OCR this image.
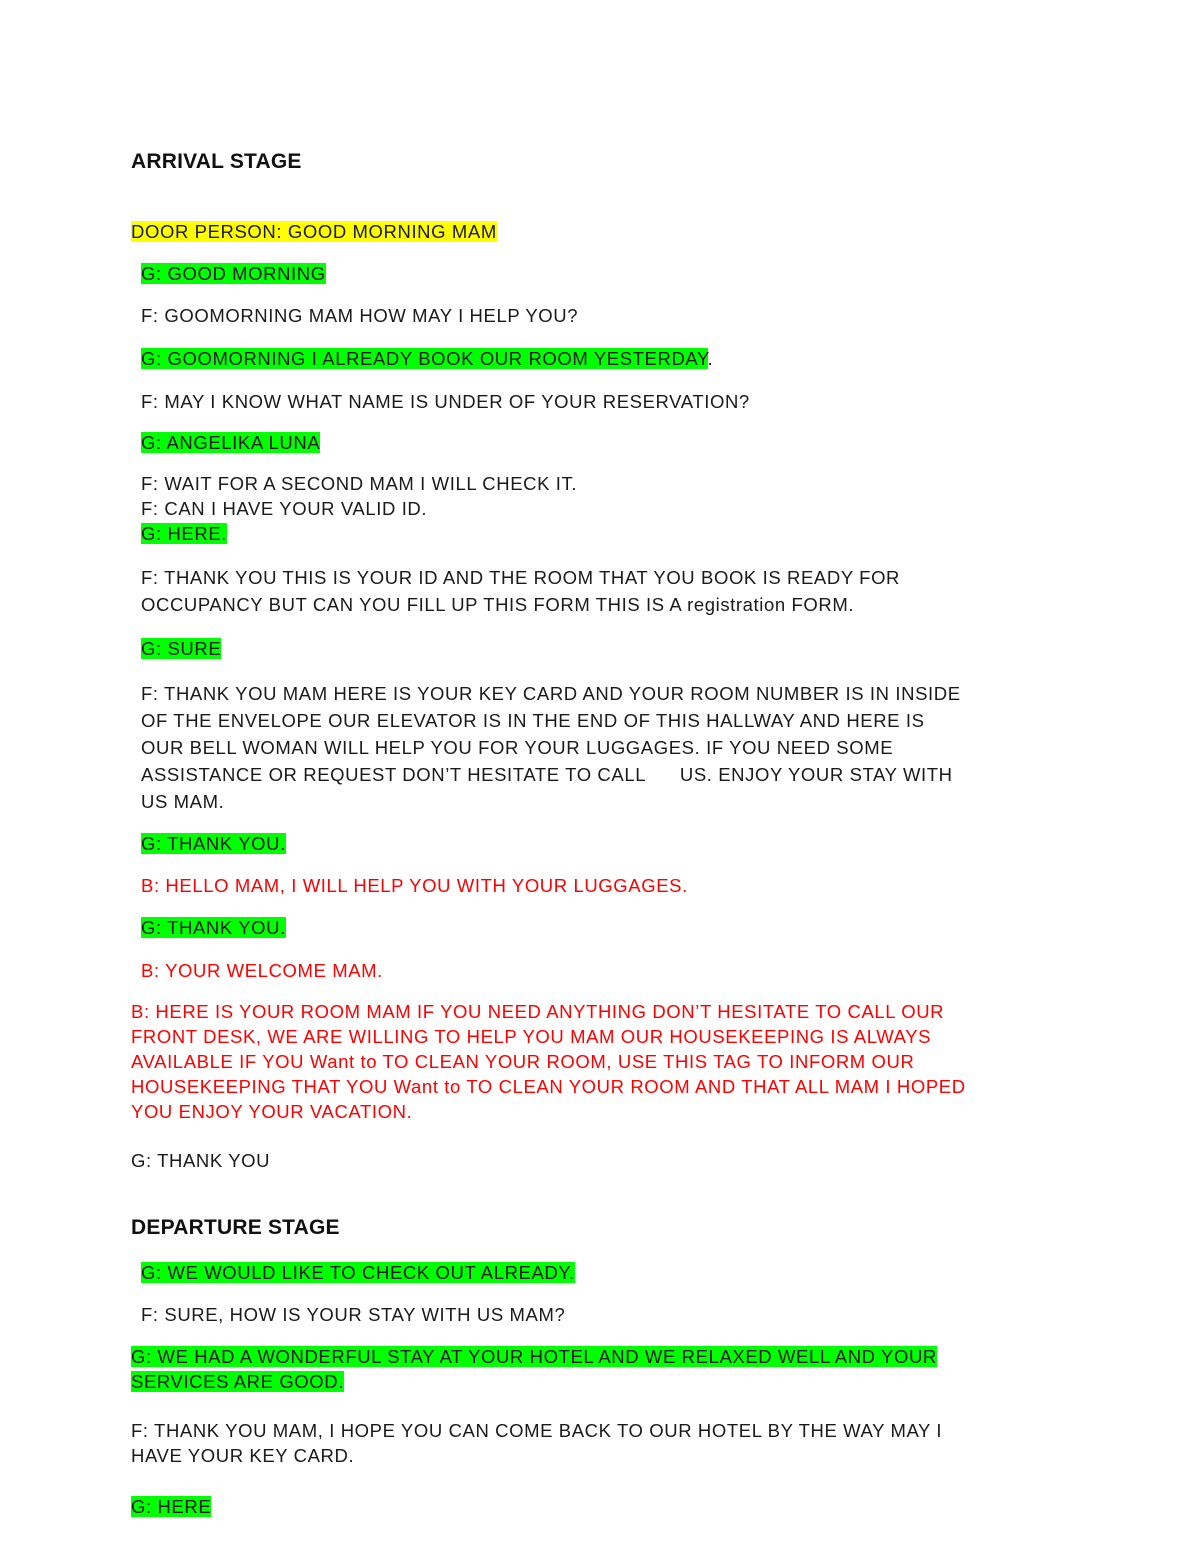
ARRIVAL STAGE
DOOR PERSON: GOOD MORNING MAM
G: GOOD MORNING
F: GOOMORNING MAM HOW MAY I HELP YOU?
G: GOOMORNING I ALREADY BOOK OUR ROOM YESTERDAY.
F: MAY I KNOW WHAT NAME IS UNDER OF YOUR RESERVATION?
G: ANGELIKA LUNA
F: WAIT FOR A SECOND MAM I WILL CHECK IT.
F: CAN I HAVE YOUR VALID ID.
G: HERE.
F: THANK YOU THIS IS YOUR ID AND THE ROOM THAT YOU BOOK IS READY FOR
OCCUPANCY BUT CAN YOU FILL UP THIS FORM THIS IS A registration FORM.
G: SURE
F: THANK YOU MAM HERE IS YOUR KEY CARD AND YOUR ROOM NUMBER IS IN INSIDE
OF THE ENVELOPE OUR ELEVATOR IS IN THE END OF THIS HALLWAY AND HERE IS
OUR BELL WOMAN WILL HELP YOU FOR YOUR LUGGAGES. IF YOU NEED SOME
ASSISTANCE OR REQUEST DON’T HESITATE TO CALL      US. ENJOY YOUR STAY WITH
US MAM.
G: THANK YOU.
B: HELLO MAM, I WILL HELP YOU WITH YOUR LUGGAGES.
G: THANK YOU.
B: YOUR WELCOME MAM.
B: HERE IS YOUR ROOM MAM IF YOU NEED ANYTHING DON’T HESITATE TO CALL OUR
FRONT DESK, WE ARE WILLING TO HELP YOU MAM OUR HOUSEKEEPING IS ALWAYS
AVAILABLE IF YOU Want to TO CLEAN YOUR ROOM, USE THIS TAG TO INFORM OUR
HOUSEKEEPING THAT YOU Want to TO CLEAN YOUR ROOM AND THAT ALL MAM I HOPED
YOU ENJOY YOUR VACATION.
G: THANK YOU
DEPARTURE STAGE
G: WE WOULD LIKE TO CHECK OUT ALREADY.
F: SURE, HOW IS YOUR STAY WITH US MAM?
G: WE HAD A WONDERFUL STAY AT YOUR HOTEL AND WE RELAXED WELL AND YOUR
SERVICES ARE GOOD.
F: THANK YOU MAM, I HOPE YOU CAN COME BACK TO OUR HOTEL BY THE WAY MAY I
HAVE YOUR KEY CARD.
G: HERE
